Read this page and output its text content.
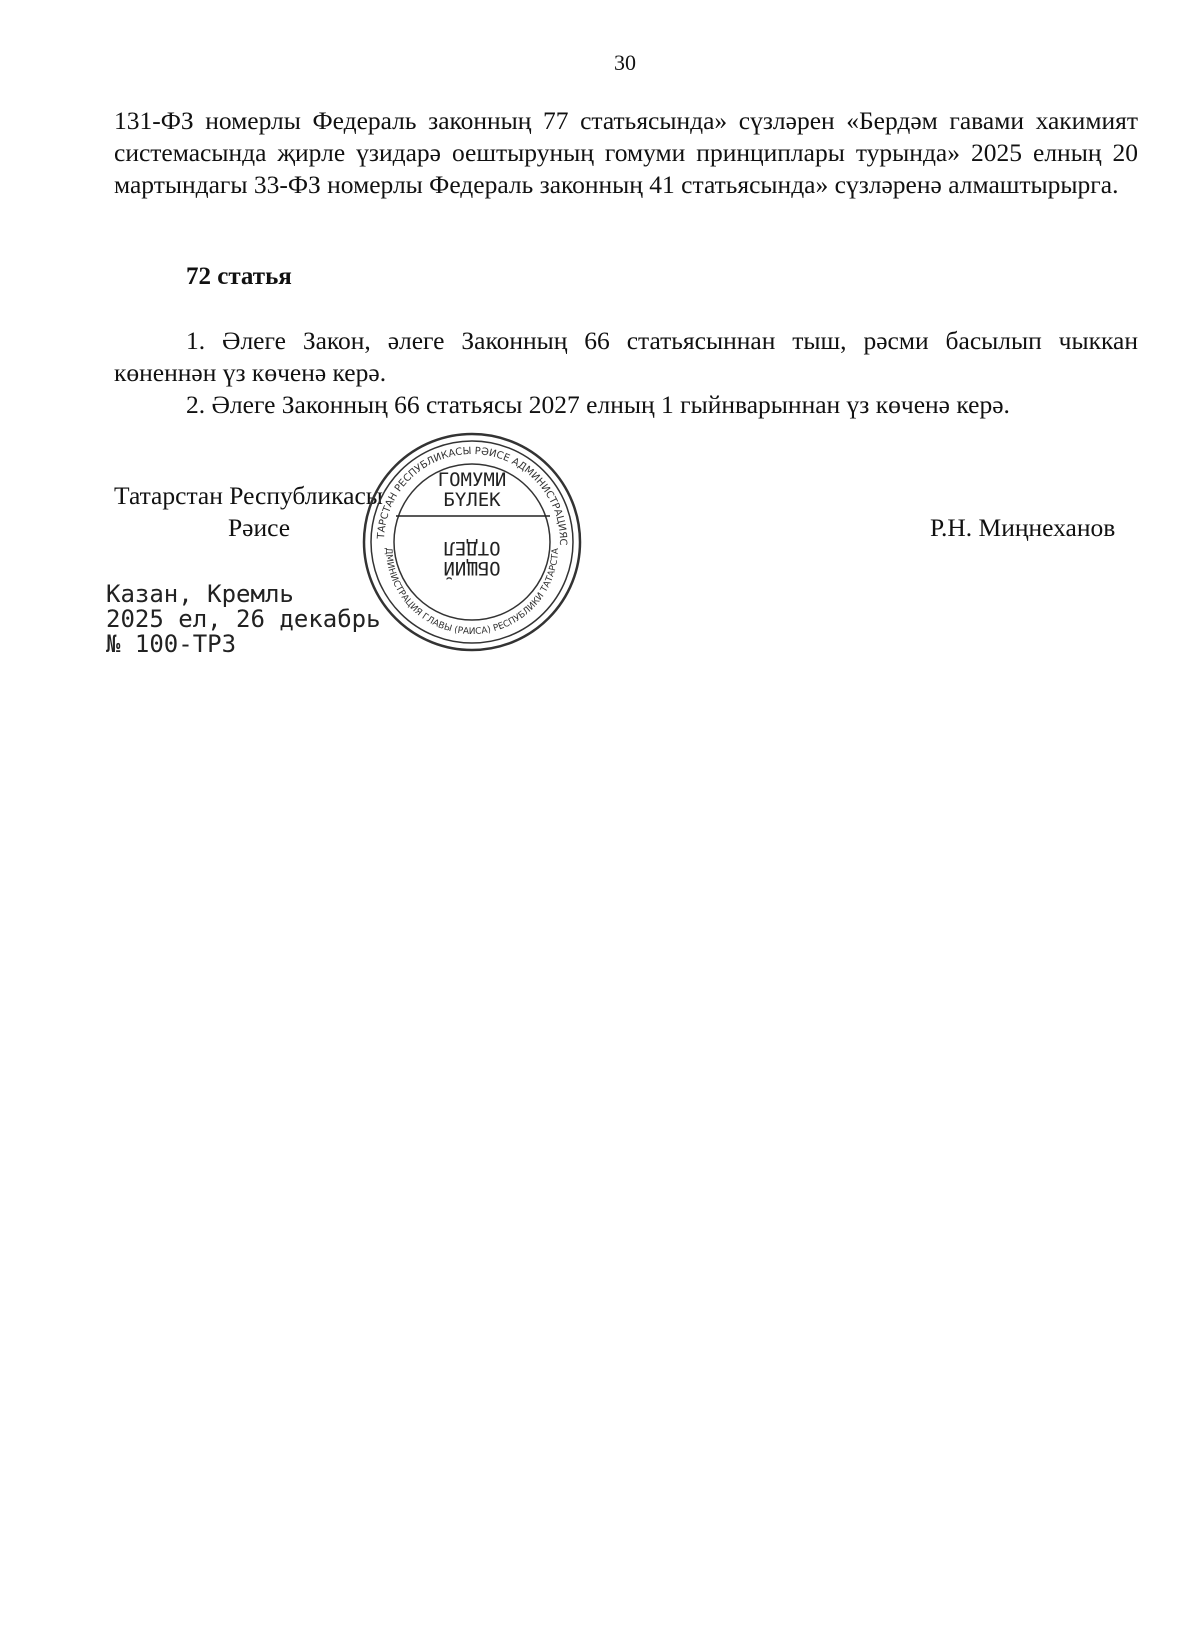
30
131-ФЗ номерлы Федераль законның 77 статьясында» сүзләрен «Бердәм гавами хакимият системасында җирле үзидарә оештыруның гомуми принциплары турында» 2025 елның 20 мартындагы 33-ФЗ номерлы Федераль законның 41 статьясында» сүзләренә алмаштырырга.
72 статья
1. Әлеге Закон, әлеге Законның 66 статьясыннан тыш, рәсми басылып чыккан көненнән үз көченә керә.
2. Әлеге Законның 66 статьясы 2027 елның 1 гыйнварыннан үз көченә керә.
Татарстан Республикасы
Рәисе	Р.Н. Миңнеханов
ТАРСТАН РЕСПУБЛИКАСЫ РӘИСЕ АДМИНИСТРАЦИЯС
ДМИНИСТРАЦИЯ ГЛАВЫ (РАИСА) РЕСПУБЛИКИ ТАТАРСТА
ГОМУМИ
БҮЛЕК
ОТДЕЛ
ОБЩИЙ
Казан, Кремль
2025 ел, 26 декабрь
№ 100-ТРЗ
